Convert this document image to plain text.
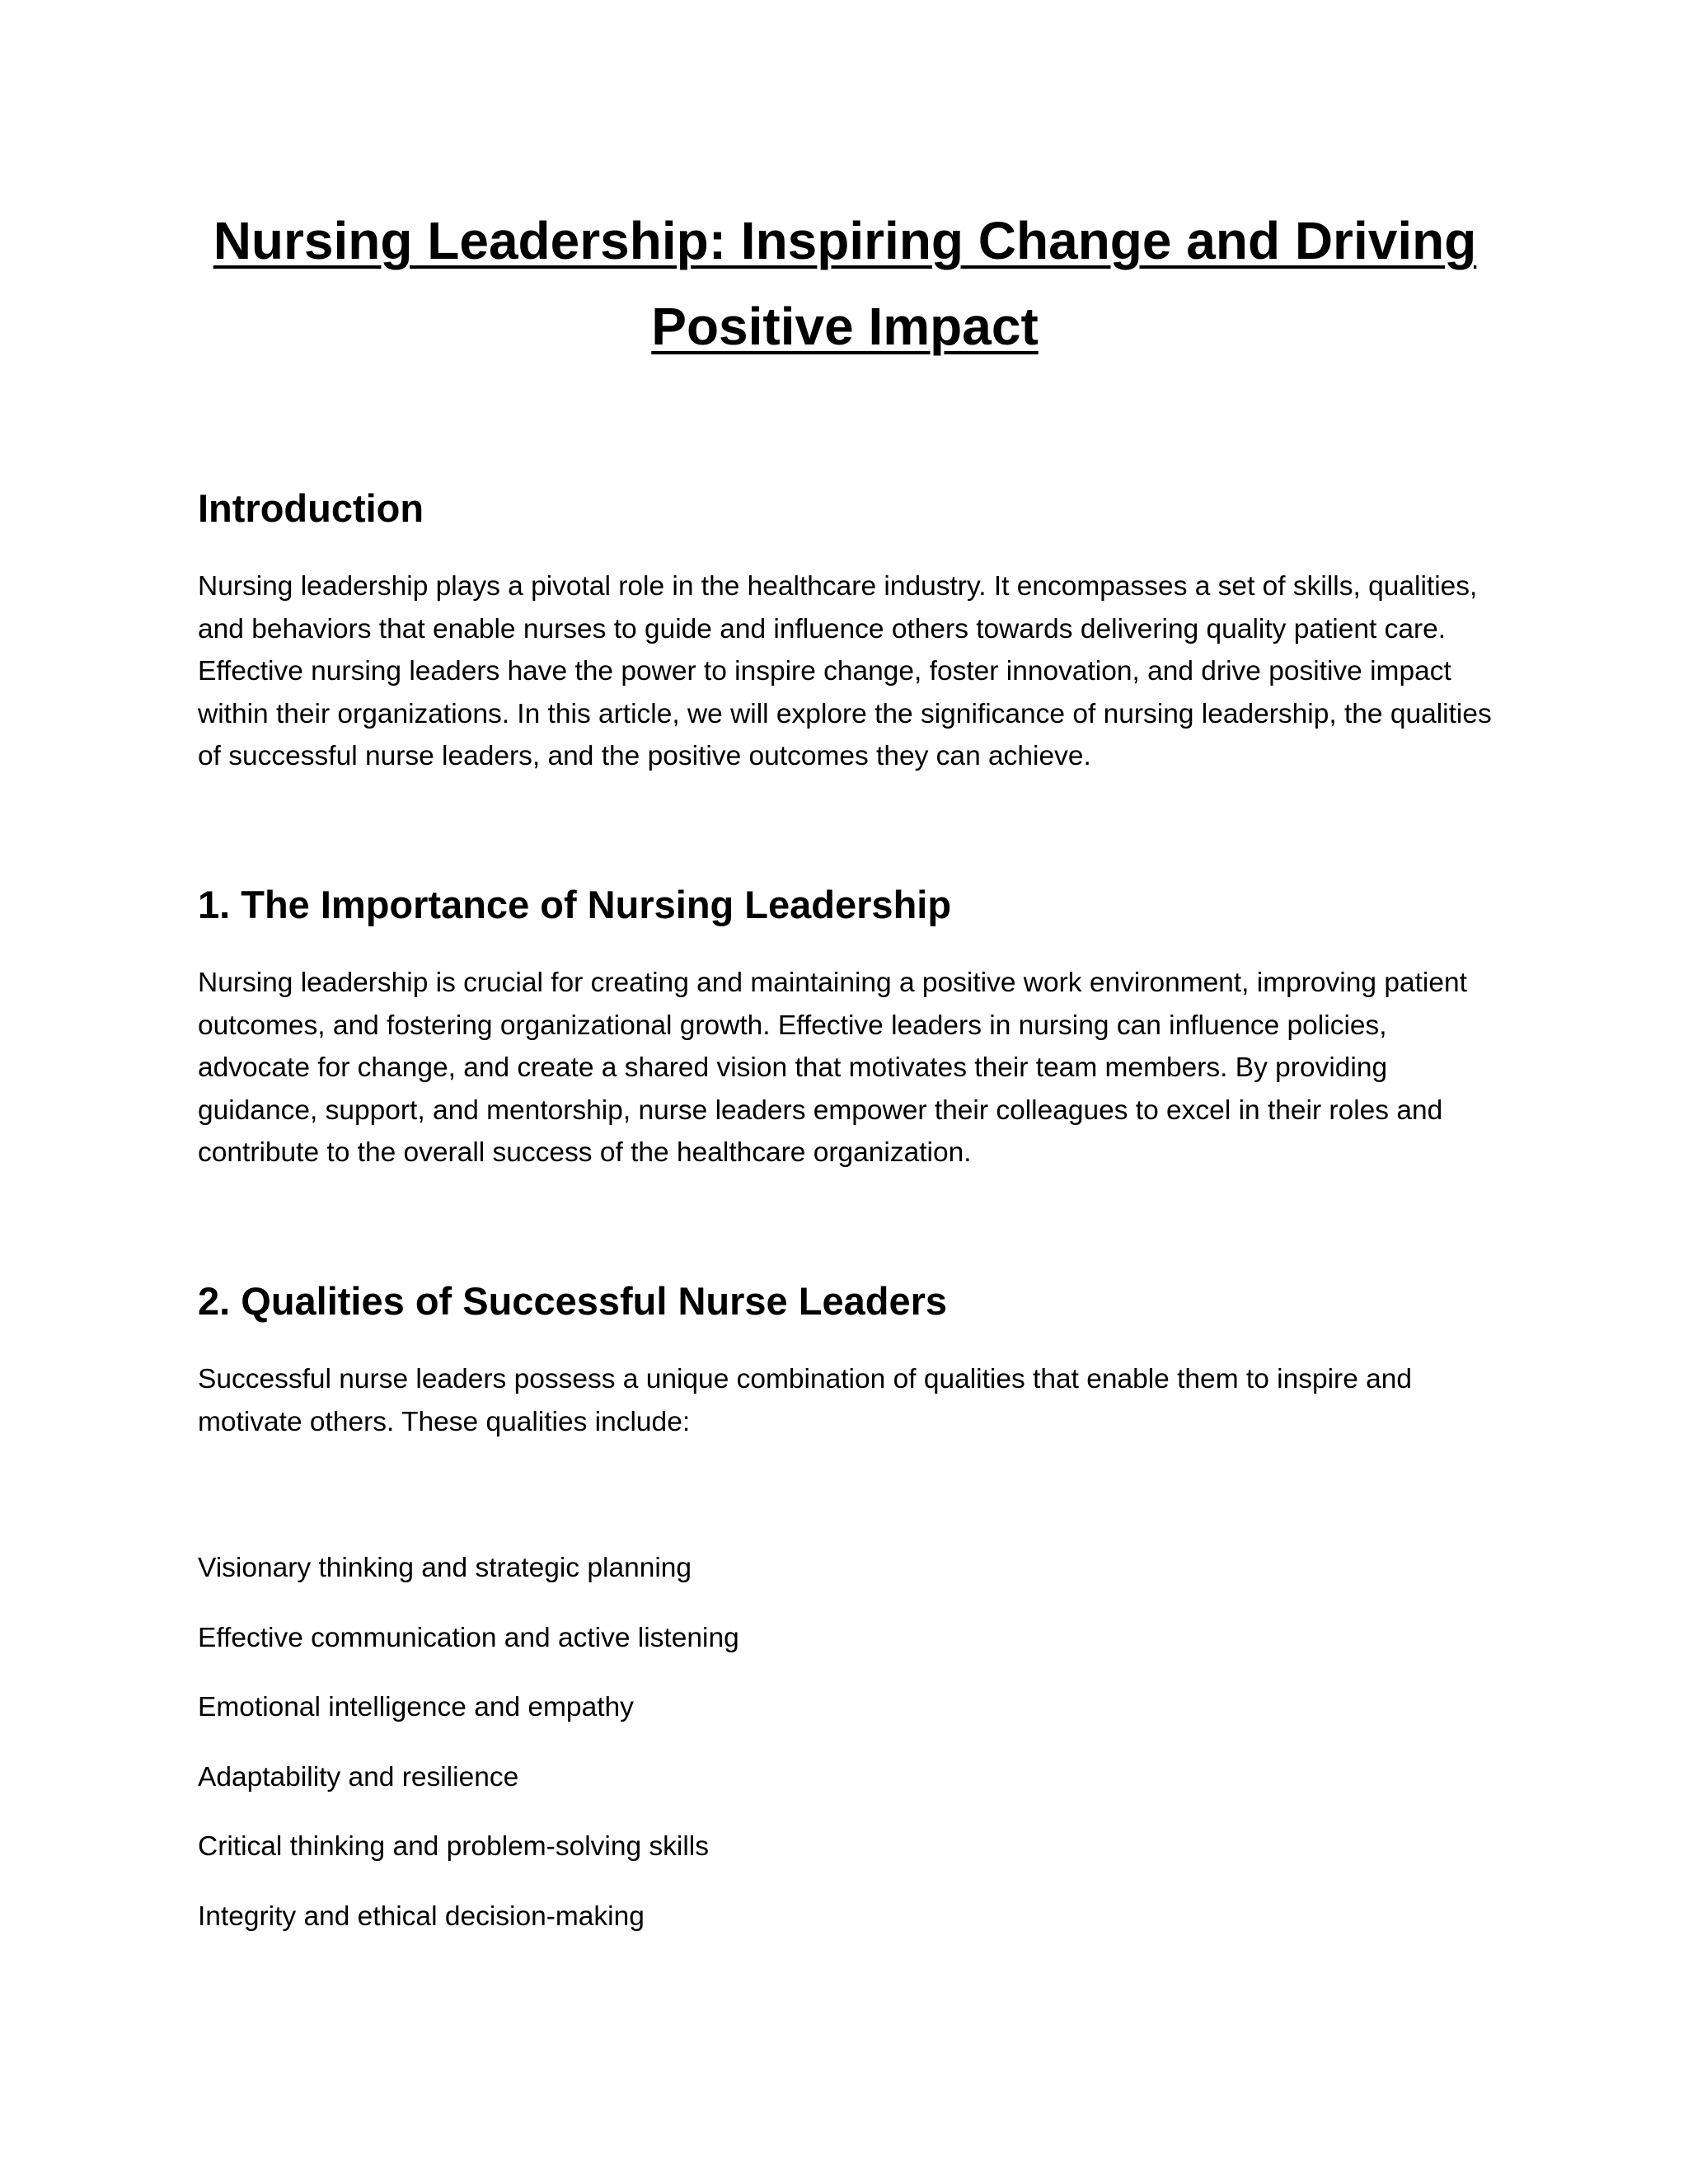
Nursing Leadership: Inspiring Change and Driving Positive Impact
Introduction

Nursing leadership plays a pivotal role in the healthcare industry. It encompasses a set of skills, qualities, and behaviors that enable nurses to guide and influence others towards delivering quality patient care. Effective nursing leaders have the power to inspire change, foster innovation, and drive positive impact within their organizations. In this article, we will explore the significance of nursing leadership, the qualities of successful nurse leaders, and the positive outcomes they can achieve.

1. The Importance of Nursing Leadership

Nursing leadership is crucial for creating and maintaining a positive work environment, improving patient outcomes, and fostering organizational growth. Effective leaders in nursing can influence policies, advocate for change, and create a shared vision that motivates their team members. By providing guidance, support, and mentorship, nurse leaders empower their colleagues to excel in their roles and contribute to the overall success of the healthcare organization.

2. Qualities of Successful Nurse Leaders

Successful nurse leaders possess a unique combination of qualities that enable them to inspire and motivate others. These qualities include:

Visionary thinking and strategic planning
Effective communication and active listening
Emotional intelligence and empathy
Adaptability and resilience
Critical thinking and problem-solving skills
Integrity and ethical decision-making
